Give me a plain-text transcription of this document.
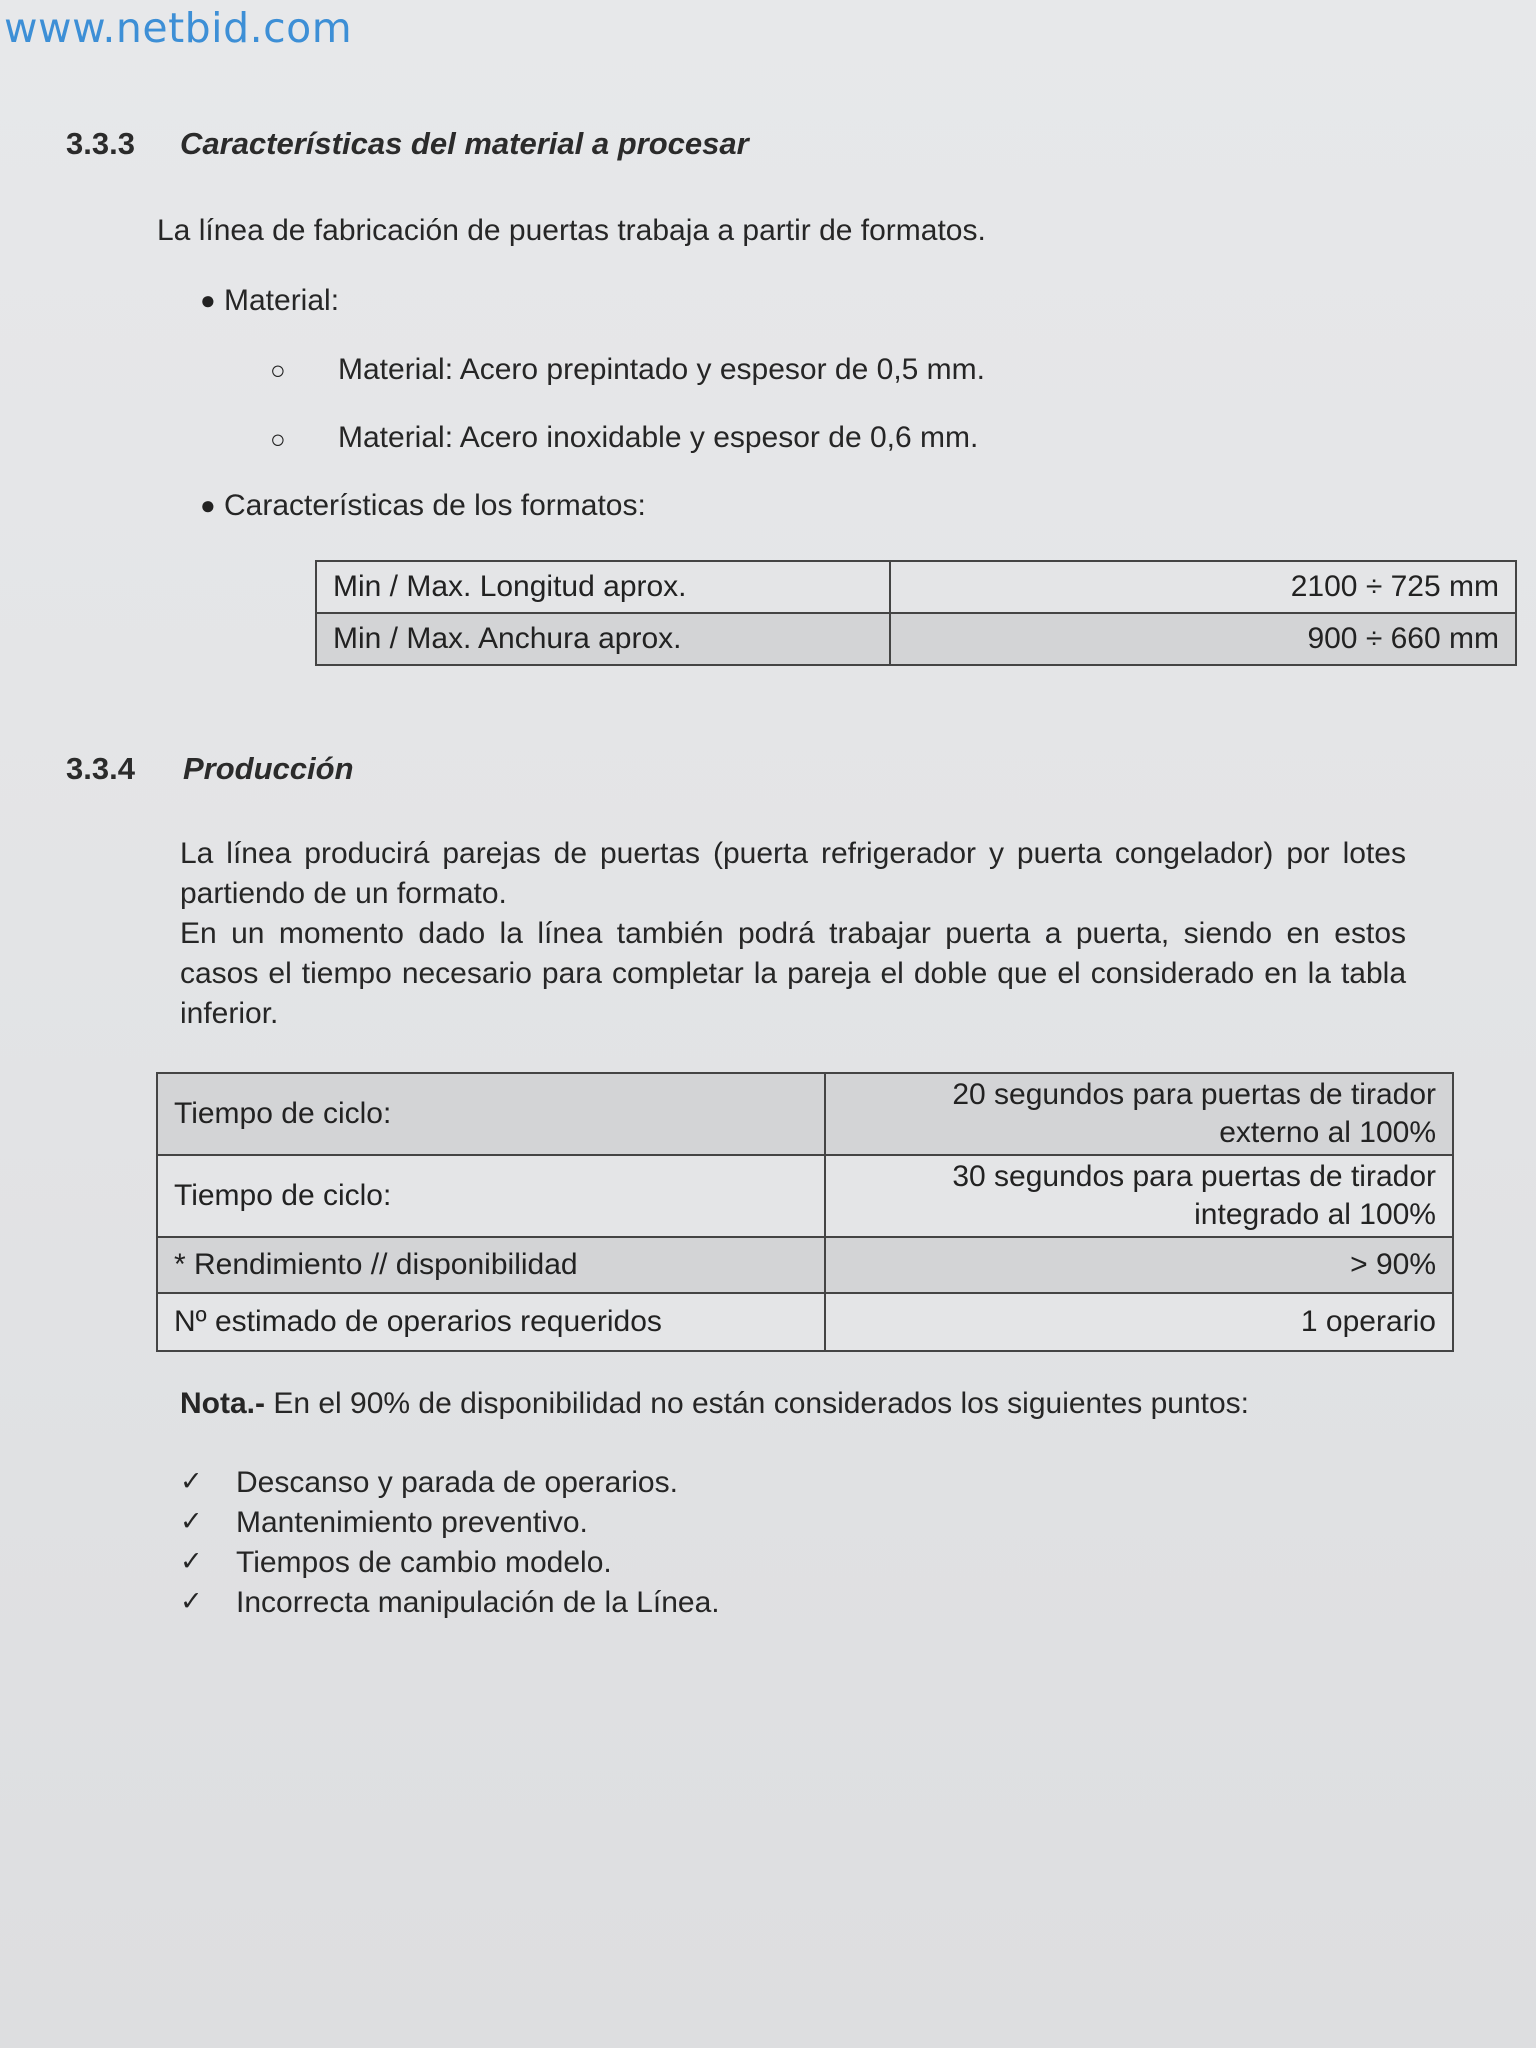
www.netbid.com
3.3.3 Características del material a procesar
La línea de fabricación de puertas trabaja a partir de formatos.
● Material:
○ Material: Acero prepintado y espesor de 0,5 mm.
○ Material: Acero inoxidable y espesor de 0,6 mm.
● Características de los formatos:
Min / Max. Longitud aprox.	2100 ÷ 725 mm
Min / Max. Anchura aprox.	900 ÷ 660 mm
3.3.4 Producción

La línea producirá parejas de puertas (puerta refrigerador y puerta congelador) por lotes partiendo de un formato.

En un momento dado la línea también podrá trabajar puerta a puerta, siendo en estos casos el tiempo necesario para completar la pareja el doble que el considerado en la tabla inferior.

Tiempo de ciclo:	20 segundos para puertas de tirador
externo al 100%

Tiempo de ciclo:	30 segundos para puertas de tirador
integrado al 100%

* Rendimiento // disponibilidad	> 90%
Nº estimado de operarios requeridos	1 operario

Nota.- En el 90% de disponibilidad no están considerados los siguientes puntos:

✓ Descanso y parada de operarios.
✓ Mantenimiento preventivo.
✓ Tiempos de cambio modelo.
✓ Incorrecta manipulación de la Línea.
